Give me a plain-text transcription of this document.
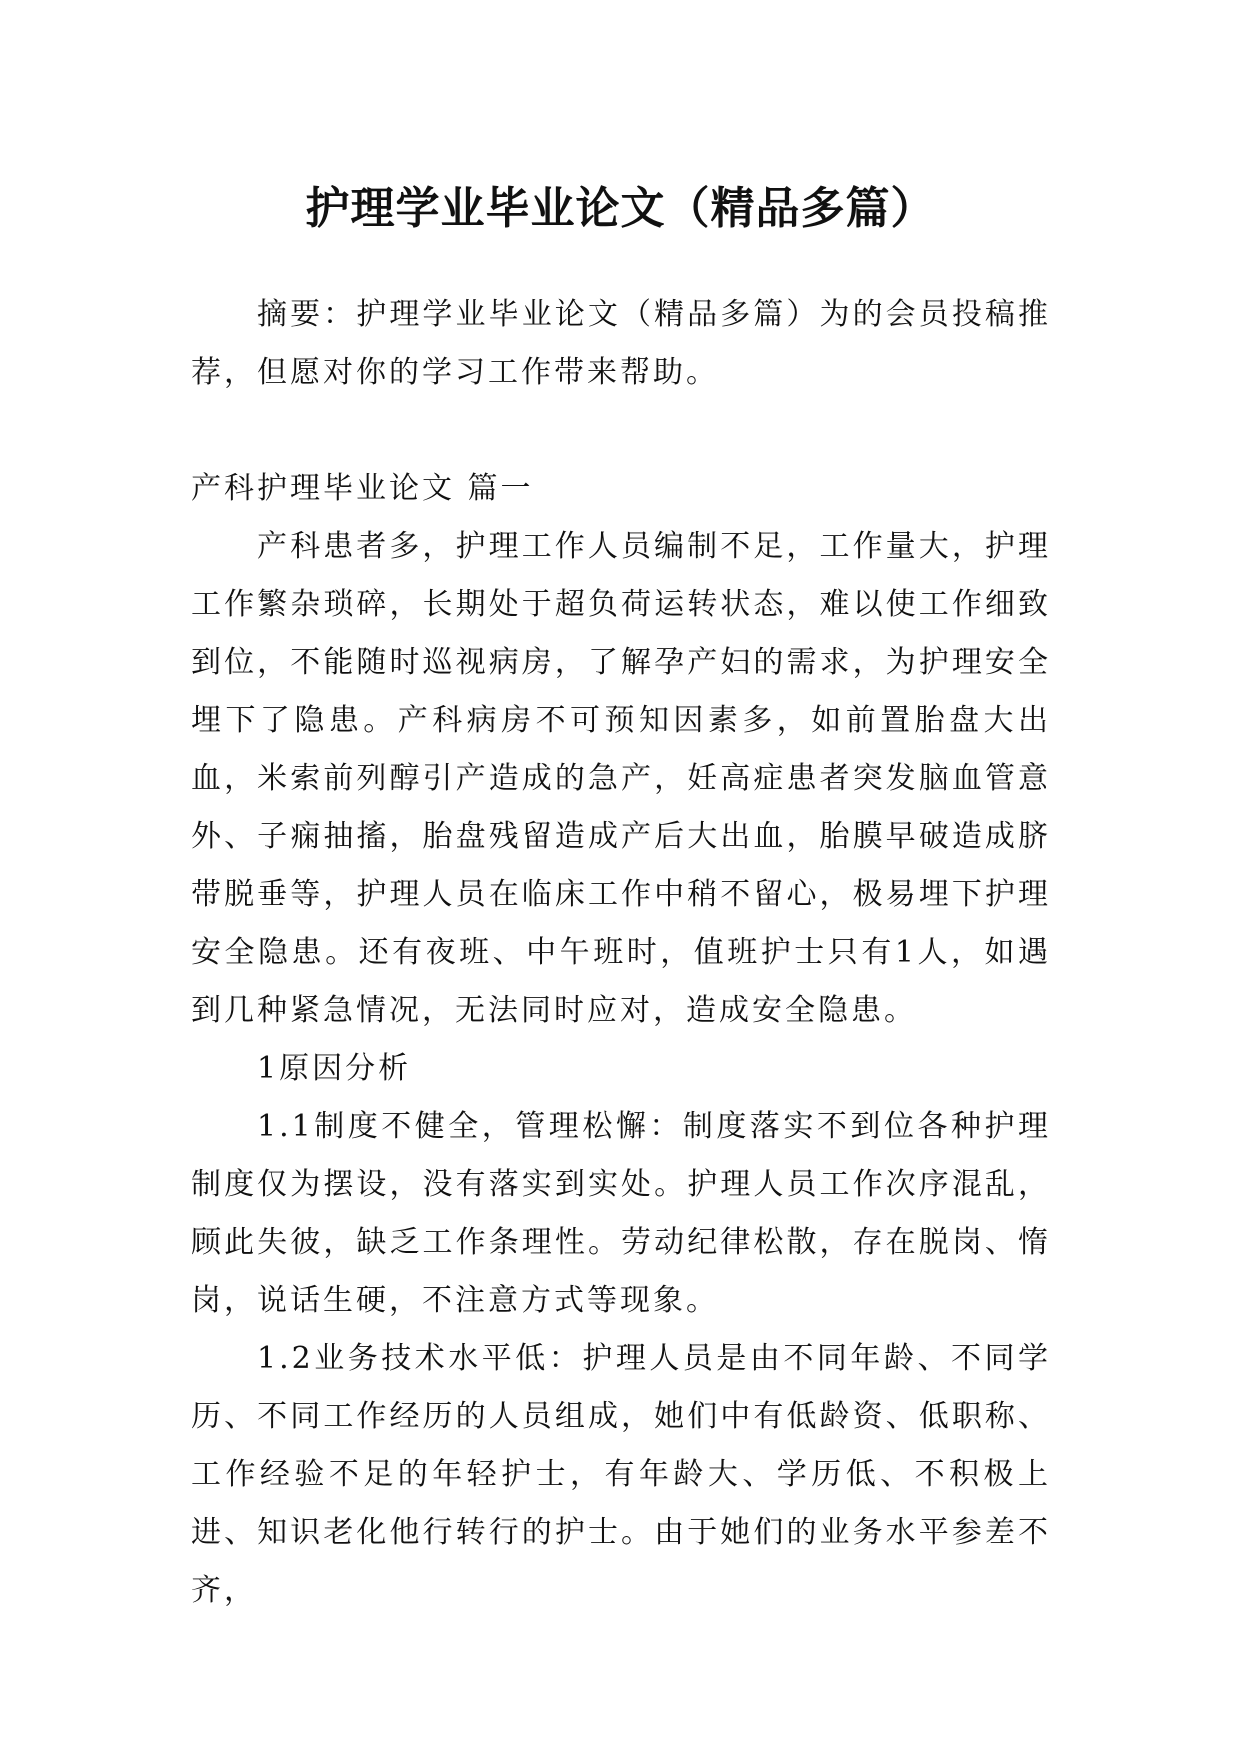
护理学业毕业论文（精品多篇）

摘要：护理学业毕业论文（精品多篇）为的会员投稿推荐，但愿对你的学习工作带来帮助。

产科护理毕业论文 篇一

产科患者多，护理工作人员编制不足，工作量大，护理工作繁杂琐碎，长期处于超负荷运转状态，难以使工作细致到位，不能随时巡视病房，了解孕产妇的需求，为护理安全埋下了隐患。产科病房不可预知因素多，如前置胎盘大出血，米索前列醇引产造成的急产，妊高症患者突发脑血管意外、子痫抽搐，胎盘残留造成产后大出血，胎膜早破造成脐带脱垂等，护理人员在临床工作中稍不留心，极易埋下护理安全隐患。还有夜班、中午班时，值班护士只有1人，如遇到几种紧急情况，无法同时应对，造成安全隐患。

1原因分析

1.1制度不健全，管理松懈：制度落实不到位各种护理制度仅为摆设，没有落实到实处。护理人员工作次序混乱，顾此失彼，缺乏工作条理性。劳动纪律松散，存在脱岗、惰岗，说话生硬，不注意方式等现象。

1.2业务技术水平低：护理人员是由不同年龄、不同学历、不同工作经历的人员组成，她们中有低龄资、低职称、工作经验不足的年轻护士，有年龄大、学历低、不积极上进、知识老化他行转行的护士。由于她们的业务水平参差不齐，
